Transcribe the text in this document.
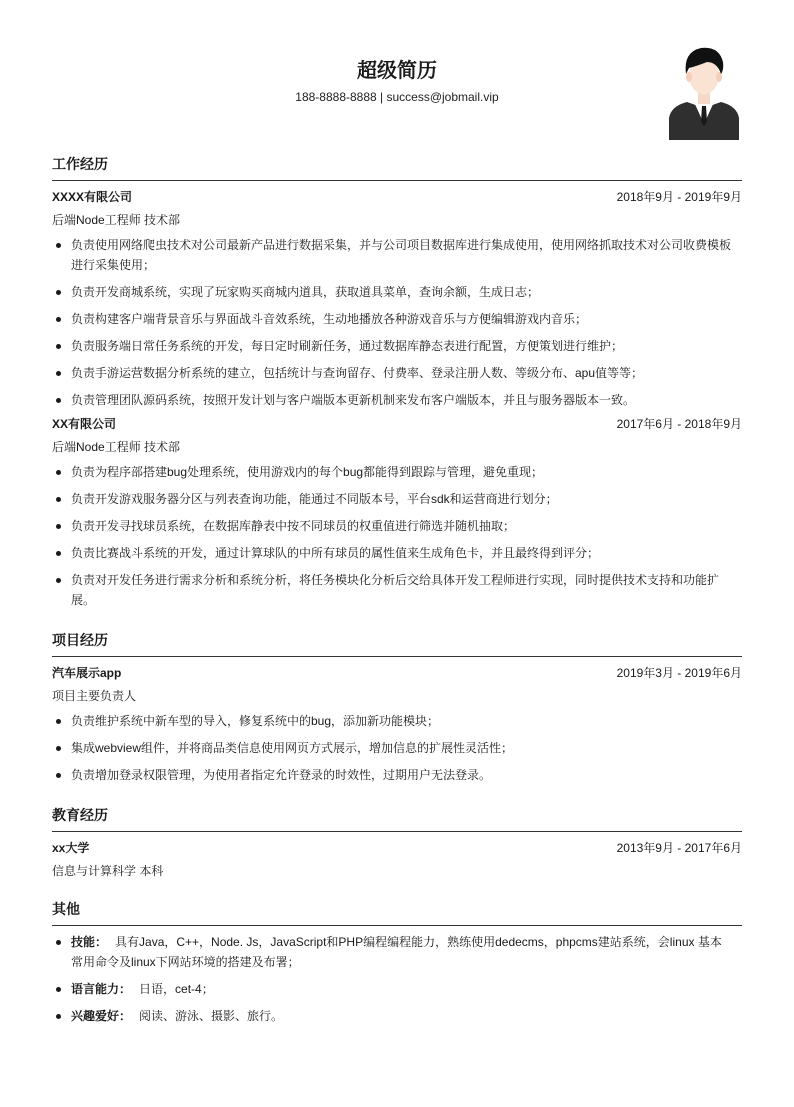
超级简历
188-8888-8888 | success@jobmail.vip
工作经历
XXXX有限公司	2018年9月 - 2019年9月
后端Node工程师 技术部
负责使用网络爬虫技术对公司最新产品进行数据采集，并与公司项目数据库进行集成使用，使用网络抓取技术对公司收费模板进行采集使用；
负责开发商城系统，实现了玩家购买商城内道具，获取道具菜单，查询余额，生成日志；
负责构建客户端背景音乐与界面战斗音效系统，生动地播放各种游戏音乐与方便编辑游戏内音乐；
负责服务端日常任务系统的开发，每日定时刷新任务，通过数据库静态表进行配置，方便策划进行维护；
负责手游运营数据分析系统的建立，包括统计与查询留存、付费率、登录注册人数、等级分布、apu值等等；
负责管理团队源码系统，按照开发计划与客户端版本更新机制来发布客户端版本，并且与服务器版本一致。
XX有限公司	2017年6月 - 2018年9月
后端Node工程师 技术部
负责为程序部搭建bug处理系统，使用游戏内的每个bug都能得到跟踪与管理，避免重现；
负责开发游戏服务器分区与列表查询功能，能通过不同版本号，平台sdk和运营商进行划分；
负责开发寻找球员系统，在数据库静表中按不同球员的权重值进行筛选并随机抽取；
负责比赛战斗系统的开发，通过计算球队的中所有球员的属性值来生成角色卡，并且最终得到评分；
负责对开发任务进行需求分析和系统分析，将任务模块化分析后交给具体开发工程师进行实现，同时提供技术支持和功能扩展。
项目经历
汽车展示app	2019年3月 - 2019年6月
项目主要负责人
负责维护系统中新车型的导入，修复系统中的bug，添加新功能模块；
集成webview组件，并将商品类信息使用网页方式展示，增加信息的扩展性灵活性；
负责增加登录权限管理，为使用者指定允许登录的时效性，过期用户无法登录。
教育经历
xx大学	2013年9月 - 2017年6月
信息与计算科学 本科
其他
技能： 具有Java，C++，Node. Js，JavaScript和PHP编程编程能力，熟练使用dedecms，phpcms建站系统，会linux 基本常用命令及linux下网站环境的搭建及布署；
语言能力： 日语，cet-4；
兴趣爱好： 阅读、游泳、摄影、旅行。
